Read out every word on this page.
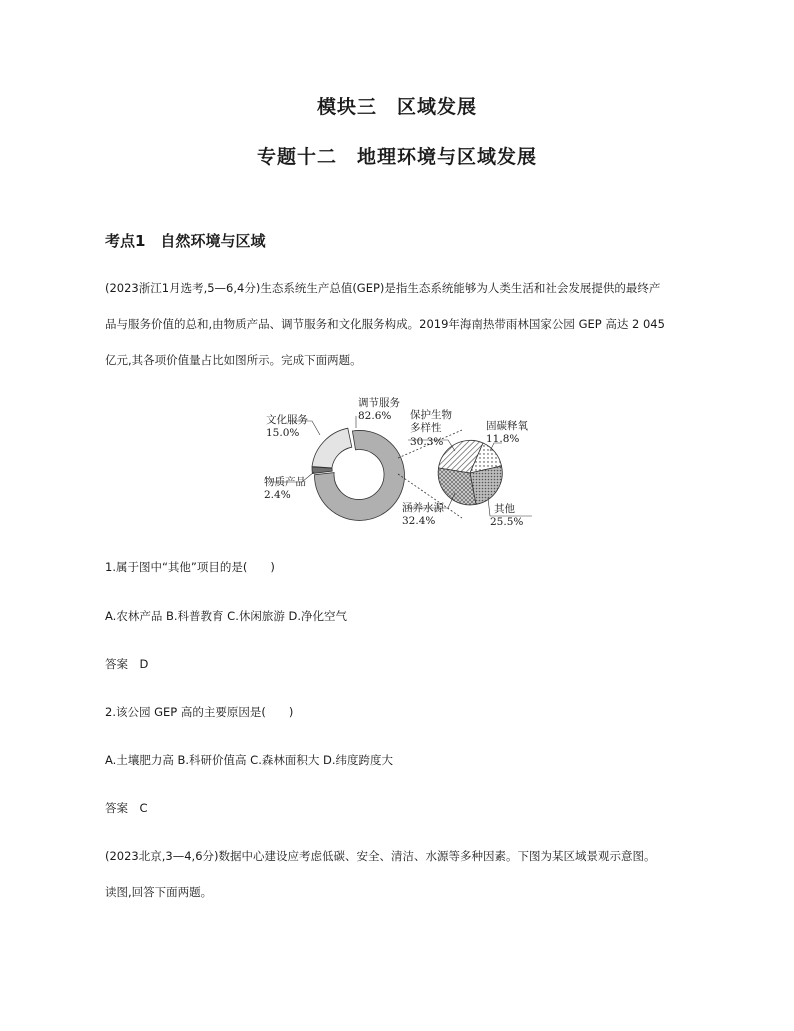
模块三　区域发展
专题十二　地理环境与区域发展
考点1　自然环境与区域
(2023浙江1月选考,5—6,4分)生态系统生产总值(GEP)是指生态系统能够为人类生活和社会发展提供的最终产
品与服务价值的总和,由物质产品、调节服务和文化服务构成。2019年海南热带雨林国家公园 GEP 高达 2 045
亿元,其各项价值量占比如图所示。完成下面两题。
文化服务
15.0%
调节服务
82.6%
物质产品
2.4%
保护生物
多样性
30.3%
固碳释氧
11.8%
涵养水源
32.4%
其他
25.5%
1.属于图中“其他”项目的是(　　)
A.农林产品 B.科普教育 C.休闲旅游 D.净化空气
答案　D
2.该公园 GEP 高的主要原因是(　　)
A.土壤肥力高 B.科研价值高 C.森林面积大 D.纬度跨度大
答案　C
(2023北京,3—4,6分)数据中心建设应考虑低碳、安全、清洁、水源等多种因素。下图为某区域景观示意图。
读图,回答下面两题。
